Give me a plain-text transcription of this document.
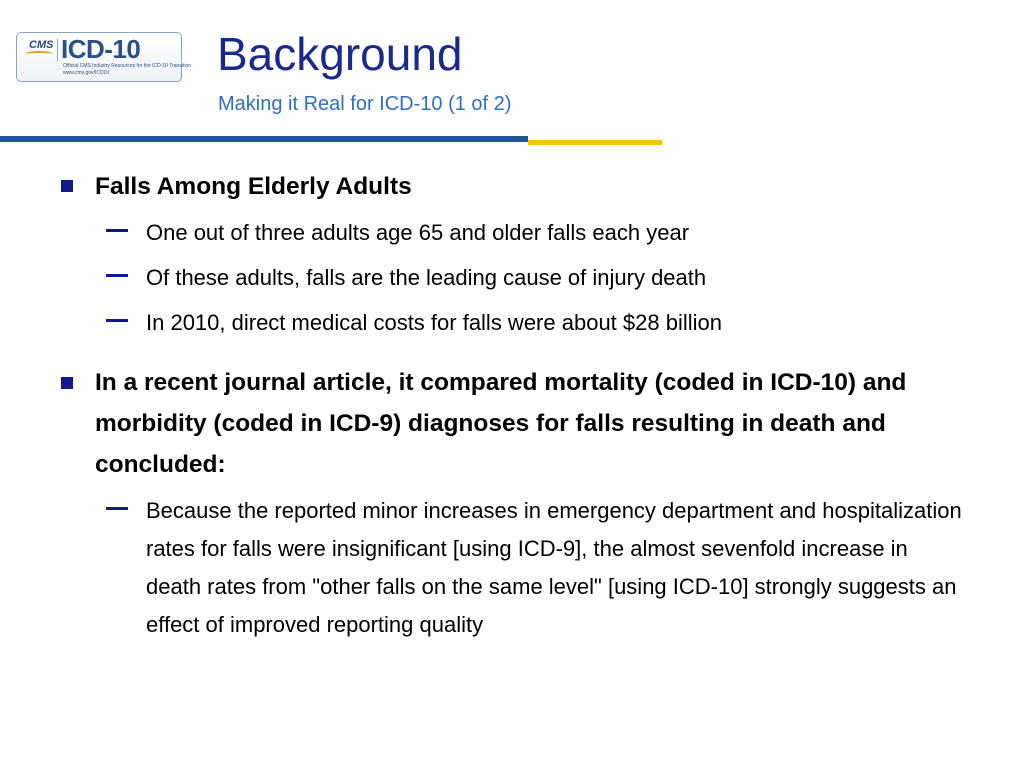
CMS ICD-10
Official CMS Industry Resources for the ICD-10 Transition
www.cms.gov/ICD10 Background
Making it Real for ICD-10 (1 of 2)
Falls Among Elderly Adults
One out of three adults age 65 and older falls each year
Of these adults, falls are the leading cause of injury death
In 2010, direct medical costs for falls were about $28 billion
In a recent journal article, it compared mortality (coded in ICD-10) and morbidity (coded in ICD-9) diagnoses for falls resulting in death and concluded:
Because the reported minor increases in emergency department and hospitalization rates for falls were insignificant [using ICD-9], the almost sevenfold increase in death rates from "other falls on the same level" [using ICD-10] strongly suggests an effect of improved reporting quality
